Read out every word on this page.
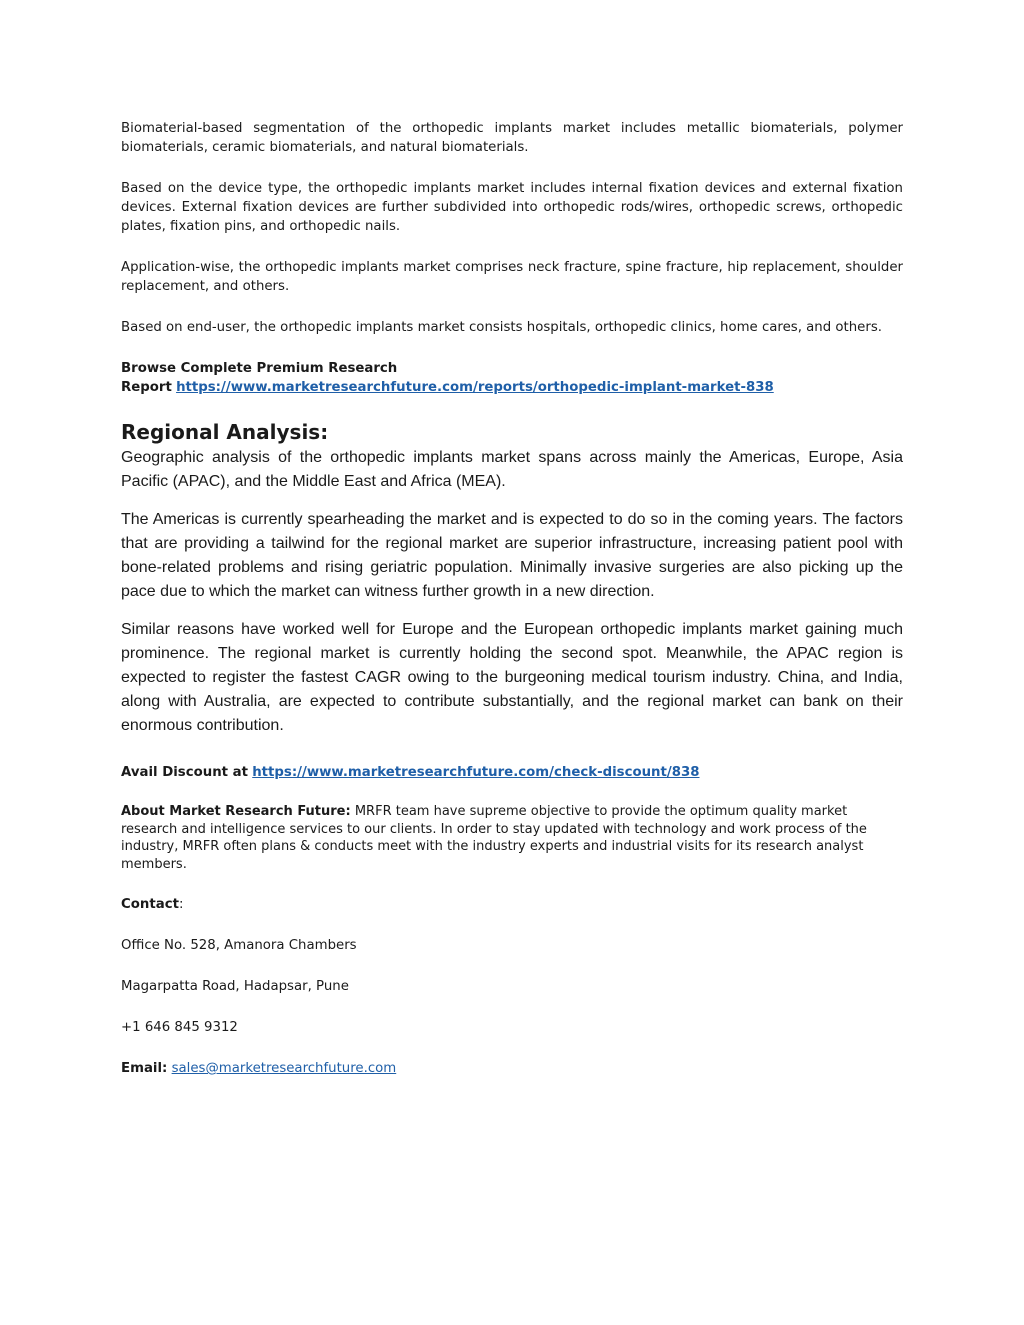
Biomaterial-based segmentation of the orthopedic implants market includes metallic biomaterials, polymer biomaterials, ceramic biomaterials, and natural biomaterials.

Based on the device type, the orthopedic implants market includes internal fixation devices and external fixation devices. External fixation devices are further subdivided into orthopedic rods/wires, orthopedic screws, orthopedic plates, fixation pins, and orthopedic nails.

Application-wise, the orthopedic implants market comprises neck fracture, spine fracture, hip replacement, shoulder replacement, and others.

Based on end-user, the orthopedic implants market consists hospitals, orthopedic clinics, home cares, and others.

Browse Complete Premium Research Report https://www.marketresearchfuture.com/reports/orthopedic-implant-market-838

Regional Analysis:

Geographic analysis of the orthopedic implants market spans across mainly the Americas, Europe, Asia Pacific (APAC), and the Middle East and Africa (MEA).

The Americas is currently spearheading the market and is expected to do so in the coming years. The factors that are providing a tailwind for the regional market are superior infrastructure, increasing patient pool with bone-related problems and rising geriatric population. Minimally invasive surgeries are also picking up the pace due to which the market can witness further growth in a new direction.

Similar reasons have worked well for Europe and the European orthopedic implants market gaining much prominence. The regional market is currently holding the second spot. Meanwhile, the APAC region is expected to register the fastest CAGR owing to the burgeoning medical tourism industry. China, and India, along with Australia, are expected to contribute substantially, and the regional market can bank on their enormous contribution.

Avail Discount at https://www.marketresearchfuture.com/check-discount/838

About Market Research Future: MRFR team have supreme objective to provide the optimum quality market research and intelligence services to our clients. In order to stay updated with technology and work process of the industry, MRFR often plans & conducts meet with the industry experts and industrial visits for its research analyst members.

Contact:

Office No. 528, Amanora Chambers

Magarpatta Road, Hadapsar, Pune

+1 646 845 9312

Email: sales@marketresearchfuture.com
